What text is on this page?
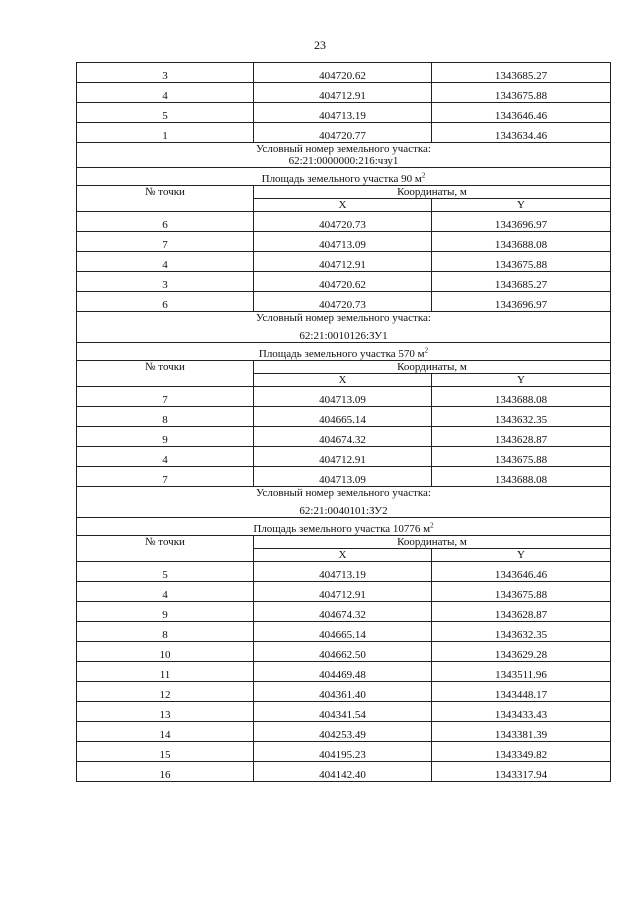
23
3	404720.62	1343685.27
4	404712.91	1343675.88
5	404713.19	1343646.46
1	404720.77	1343634.46

Условный номер земельного участка:
62:21:0000000:216:чзу1		

Площадь земельного участка 90 $м^2$
№ точки	Координаты, м	
	X	Y
6	404720.73	1343696.97
7	404713.09	1343688.08
4	404712.91	1343675.88
3	404720.62	1343685.27
6	404720.73	1343696.97

Условный номер земельного участка:
62:21:0010126:ЗУ1		

Площадь земельного участка 570 $м^2$
№ точки	Координаты, м	
	X	Y
7	404713.09	1343688.08
8	404665.14	1343632.35
9	404674.32	1343628.87
4	404712.91	1343675.88
7	404713.09	1343688.08

Условный номер земельного участка:
62:21:0040101:ЗУ2		

Площадь земельного участка 10776 $м^2$
№ точки	Координаты, м	
	X	Y
5	404713.19	1343646.46
4	404712.91	1343675.88
9	404674.32	1343628.87
8	404665.14	1343632.35
10	404662.50	1343629.28
11	404469.48	1343511.96
12	404361.40	1343448.17
13	404341.54	1343433.43
14	404253.49	1343381.39
15	404195.23	1343349.82
16	404142.40	1343317.94
